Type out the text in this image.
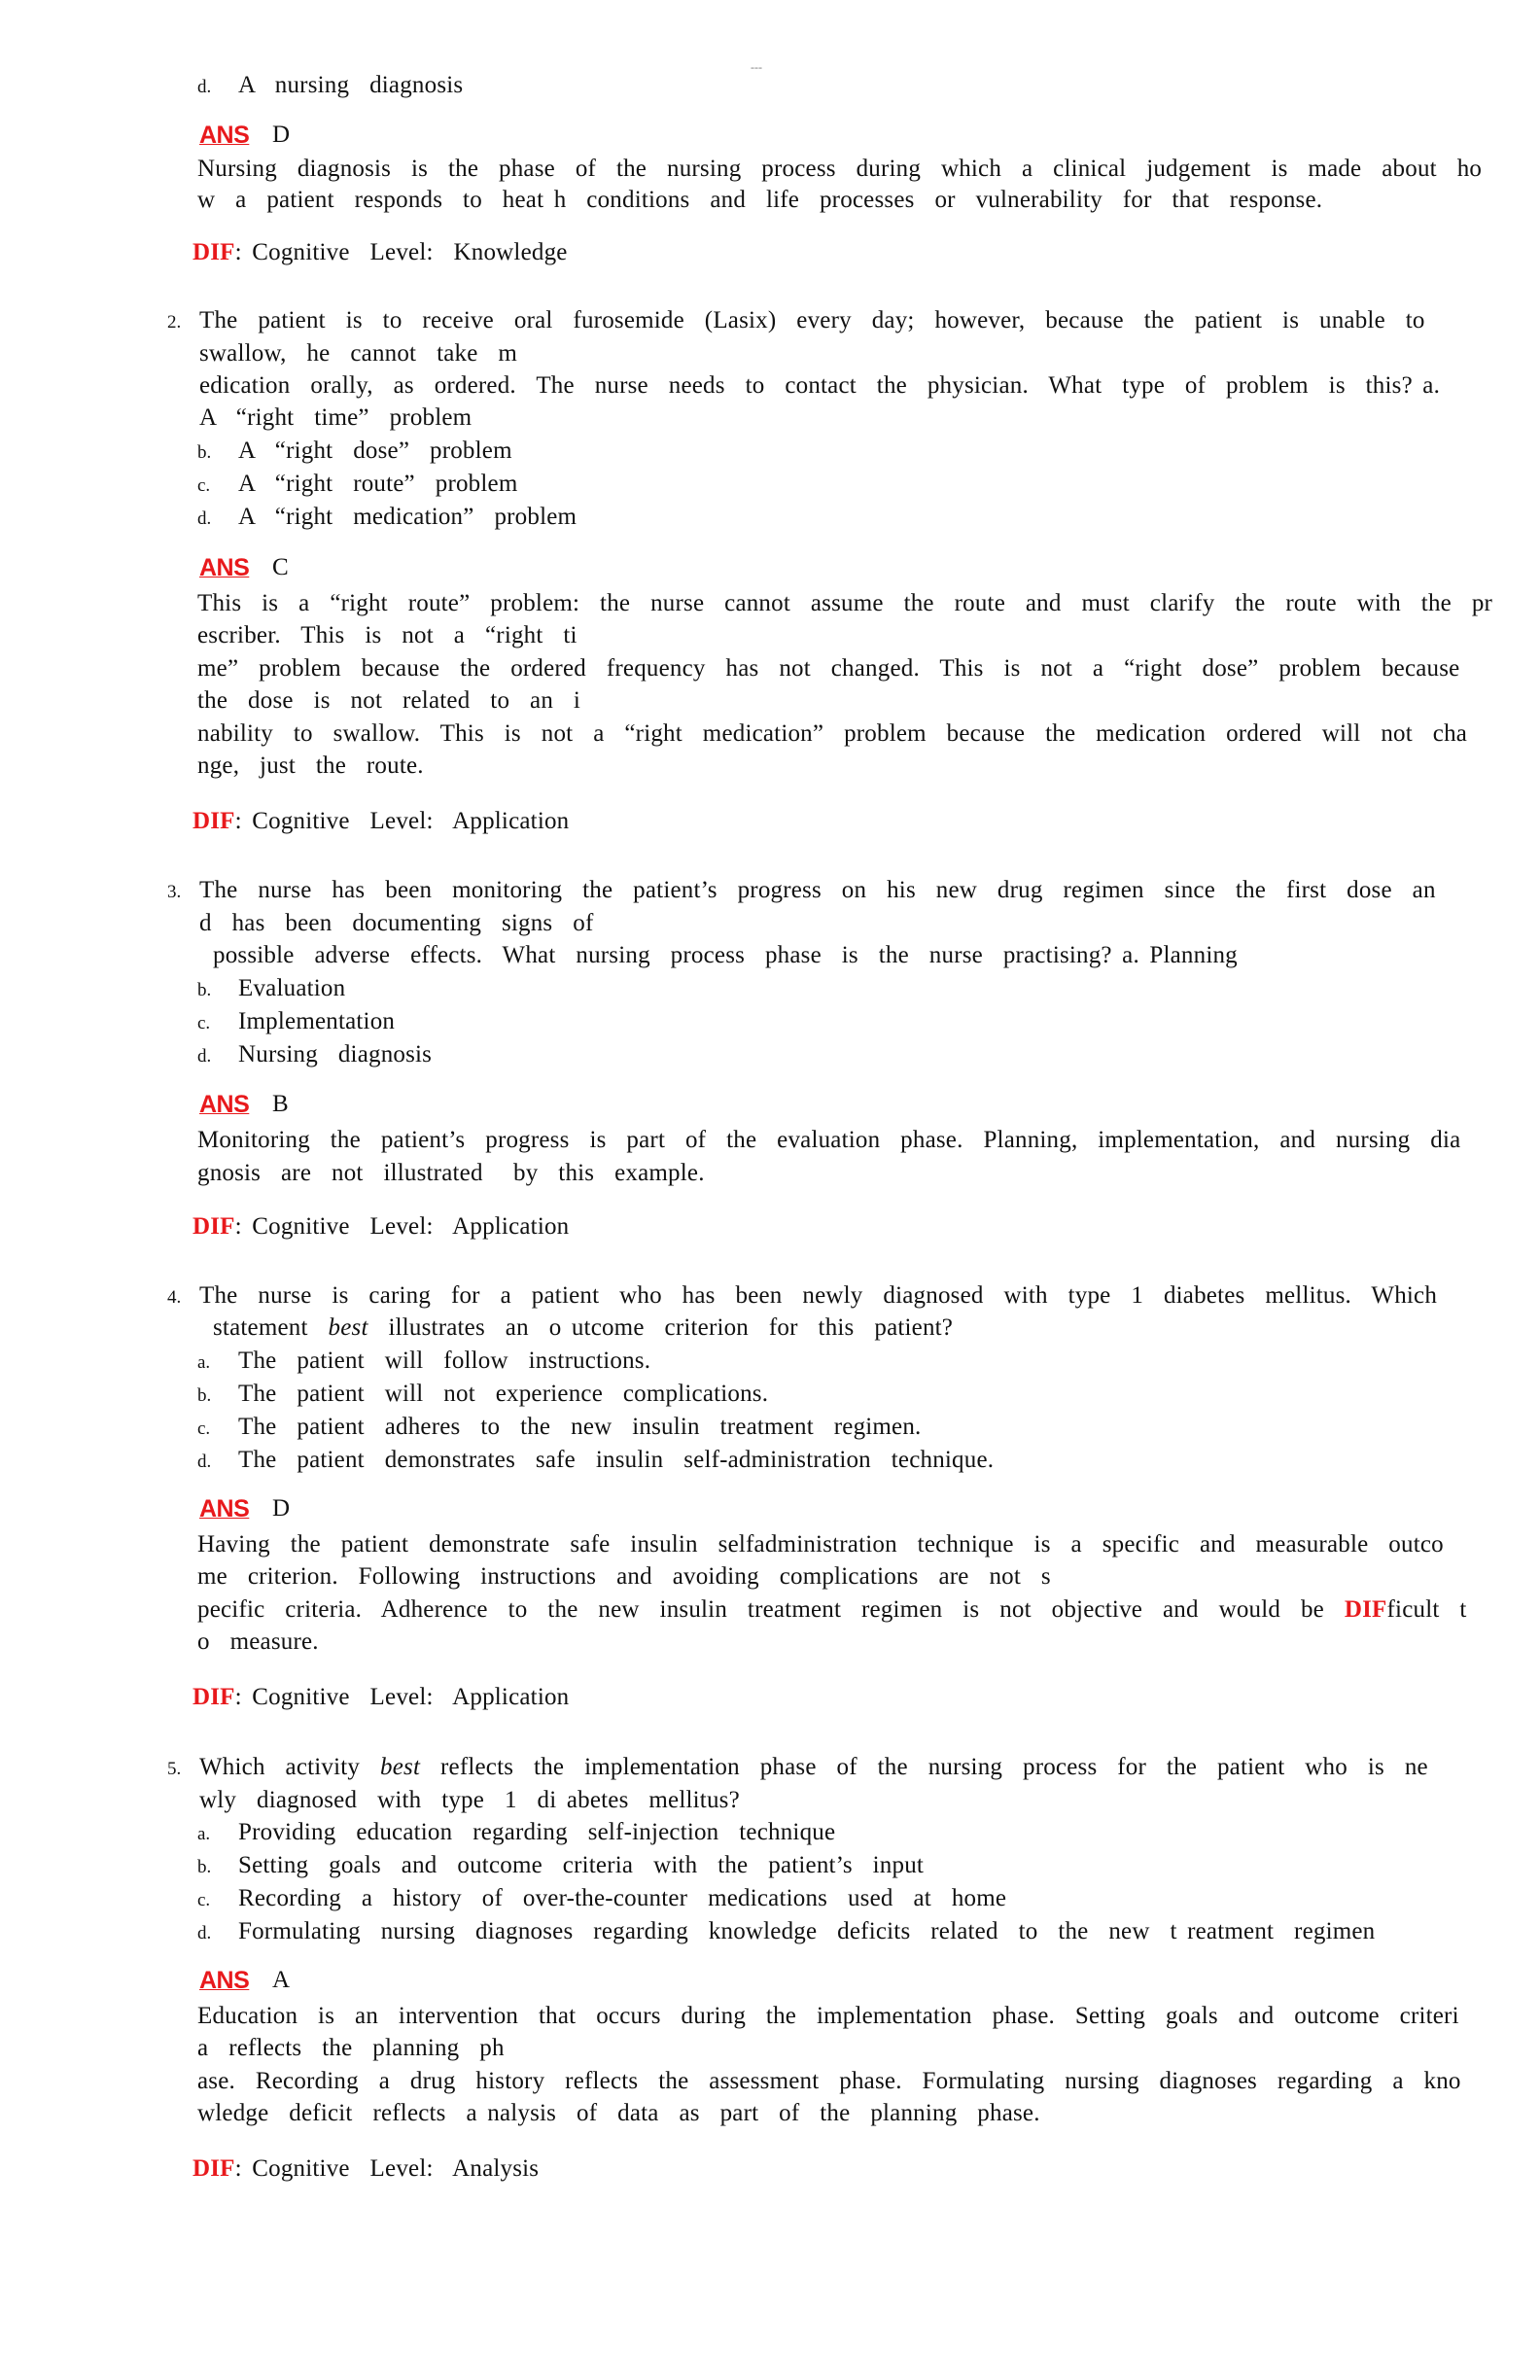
---
d. A  nursing  diagnosis
ANS D
Nursing  diagnosis  is  the  phase  of  the  nursing  process  during  which  a  clinical  judgement  is  made  about  ho
w  a  patient  responds  to  heat h  conditions  and  life  processes  or  vulnerability  for  that  response.
DIF: Cognitive  Level:  Knowledge
2. The  patient  is  to  receive  oral  furosemide  (Lasix)  every  day;  however,  because  the  patient  is  unable  to
swallow,  he  cannot  take  m
edication  orally,  as  ordered.  The  nurse  needs  to  contact  the  physician.  What  type  of  problem  is  this? a.
A  “right  time”  problem
b. A  “right  dose”  problem
c. A  “right  route”  problem
d. A  “right  medication”  problem
ANS C
This  is  a  “right  route”  problem:  the  nurse  cannot  assume  the  route  and  must  clarify  the  route  with  the  pr
escriber.  This  is  not  a  “right  ti
me”  problem  because  the  ordered  frequency  has  not  changed.  This  is  not  a  “right  dose”  problem  because
the  dose  is  not  related  to  an  i
nability  to  swallow.  This  is  not  a  “right  medication”  problem  because  the  medication  ordered  will  not  cha
nge,  just  the  route.
DIF: Cognitive  Level:  Application
3. The  nurse  has  been  monitoring  the  patient’s  progress  on  his  new  drug  regimen  since  the  first  dose  an
d  has  been  documenting  signs  of
possible  adverse  effects.  What  nursing  process  phase  is  the  nurse  practising? a. Planning
b. Evaluation
c. Implementation
d. Nursing  diagnosis
ANS B
Monitoring  the  patient’s  progress  is  part  of  the  evaluation  phase.  Planning,  implementation,  and  nursing  dia
gnosis  are  not  illustrated   by  this  example.
DIF: Cognitive  Level:  Application
4. The  nurse  is  caring  for  a  patient  who  has  been  newly  diagnosed  with  type  1  diabetes  mellitus.  Which
statement  best  illustrates  an  o utcome  criterion  for  this  patient?
a. The  patient  will  follow  instructions.
b. The  patient  will  not  experience  complications.
c. The  patient  adheres  to  the  new  insulin  treatment  regimen.
d. The  patient  demonstrates  safe  insulin  self-administration  technique.
ANS D
Having  the  patient  demonstrate  safe  insulin  selfadministration  technique  is  a  specific  and  measurable  outco
me  criterion.  Following  instructions  and  avoiding  complications  are  not  s
pecific  criteria.  Adherence  to  the  new  insulin  treatment  regimen  is  not  objective  and  would  be  DIFficult  t
o  measure.
DIF: Cognitive  Level:  Application
5. Which  activity  best  reflects  the  implementation  phase  of  the  nursing  process  for  the  patient  who  is  ne
wly  diagnosed  with  type  1  di abetes  mellitus?
a. Providing  education  regarding  self-injection  technique
b. Setting  goals  and  outcome  criteria  with  the  patient’s  input
c. Recording  a  history  of  over-the-counter  medications  used  at  home
d. Formulating  nursing  diagnoses  regarding  knowledge  deficits  related  to  the  new  t reatment  regimen
ANS A
Education  is  an  intervention  that  occurs  during  the  implementation  phase.  Setting  goals  and  outcome  criteri
a  reflects  the  planning  ph
ase.  Recording  a  drug  history  reflects  the  assessment  phase.  Formulating  nursing  diagnoses  regarding  a  kno
wledge  deficit  reflects  a nalysis  of  data  as  part  of  the  planning  phase.
DIF: Cognitive  Level:  Analysis
